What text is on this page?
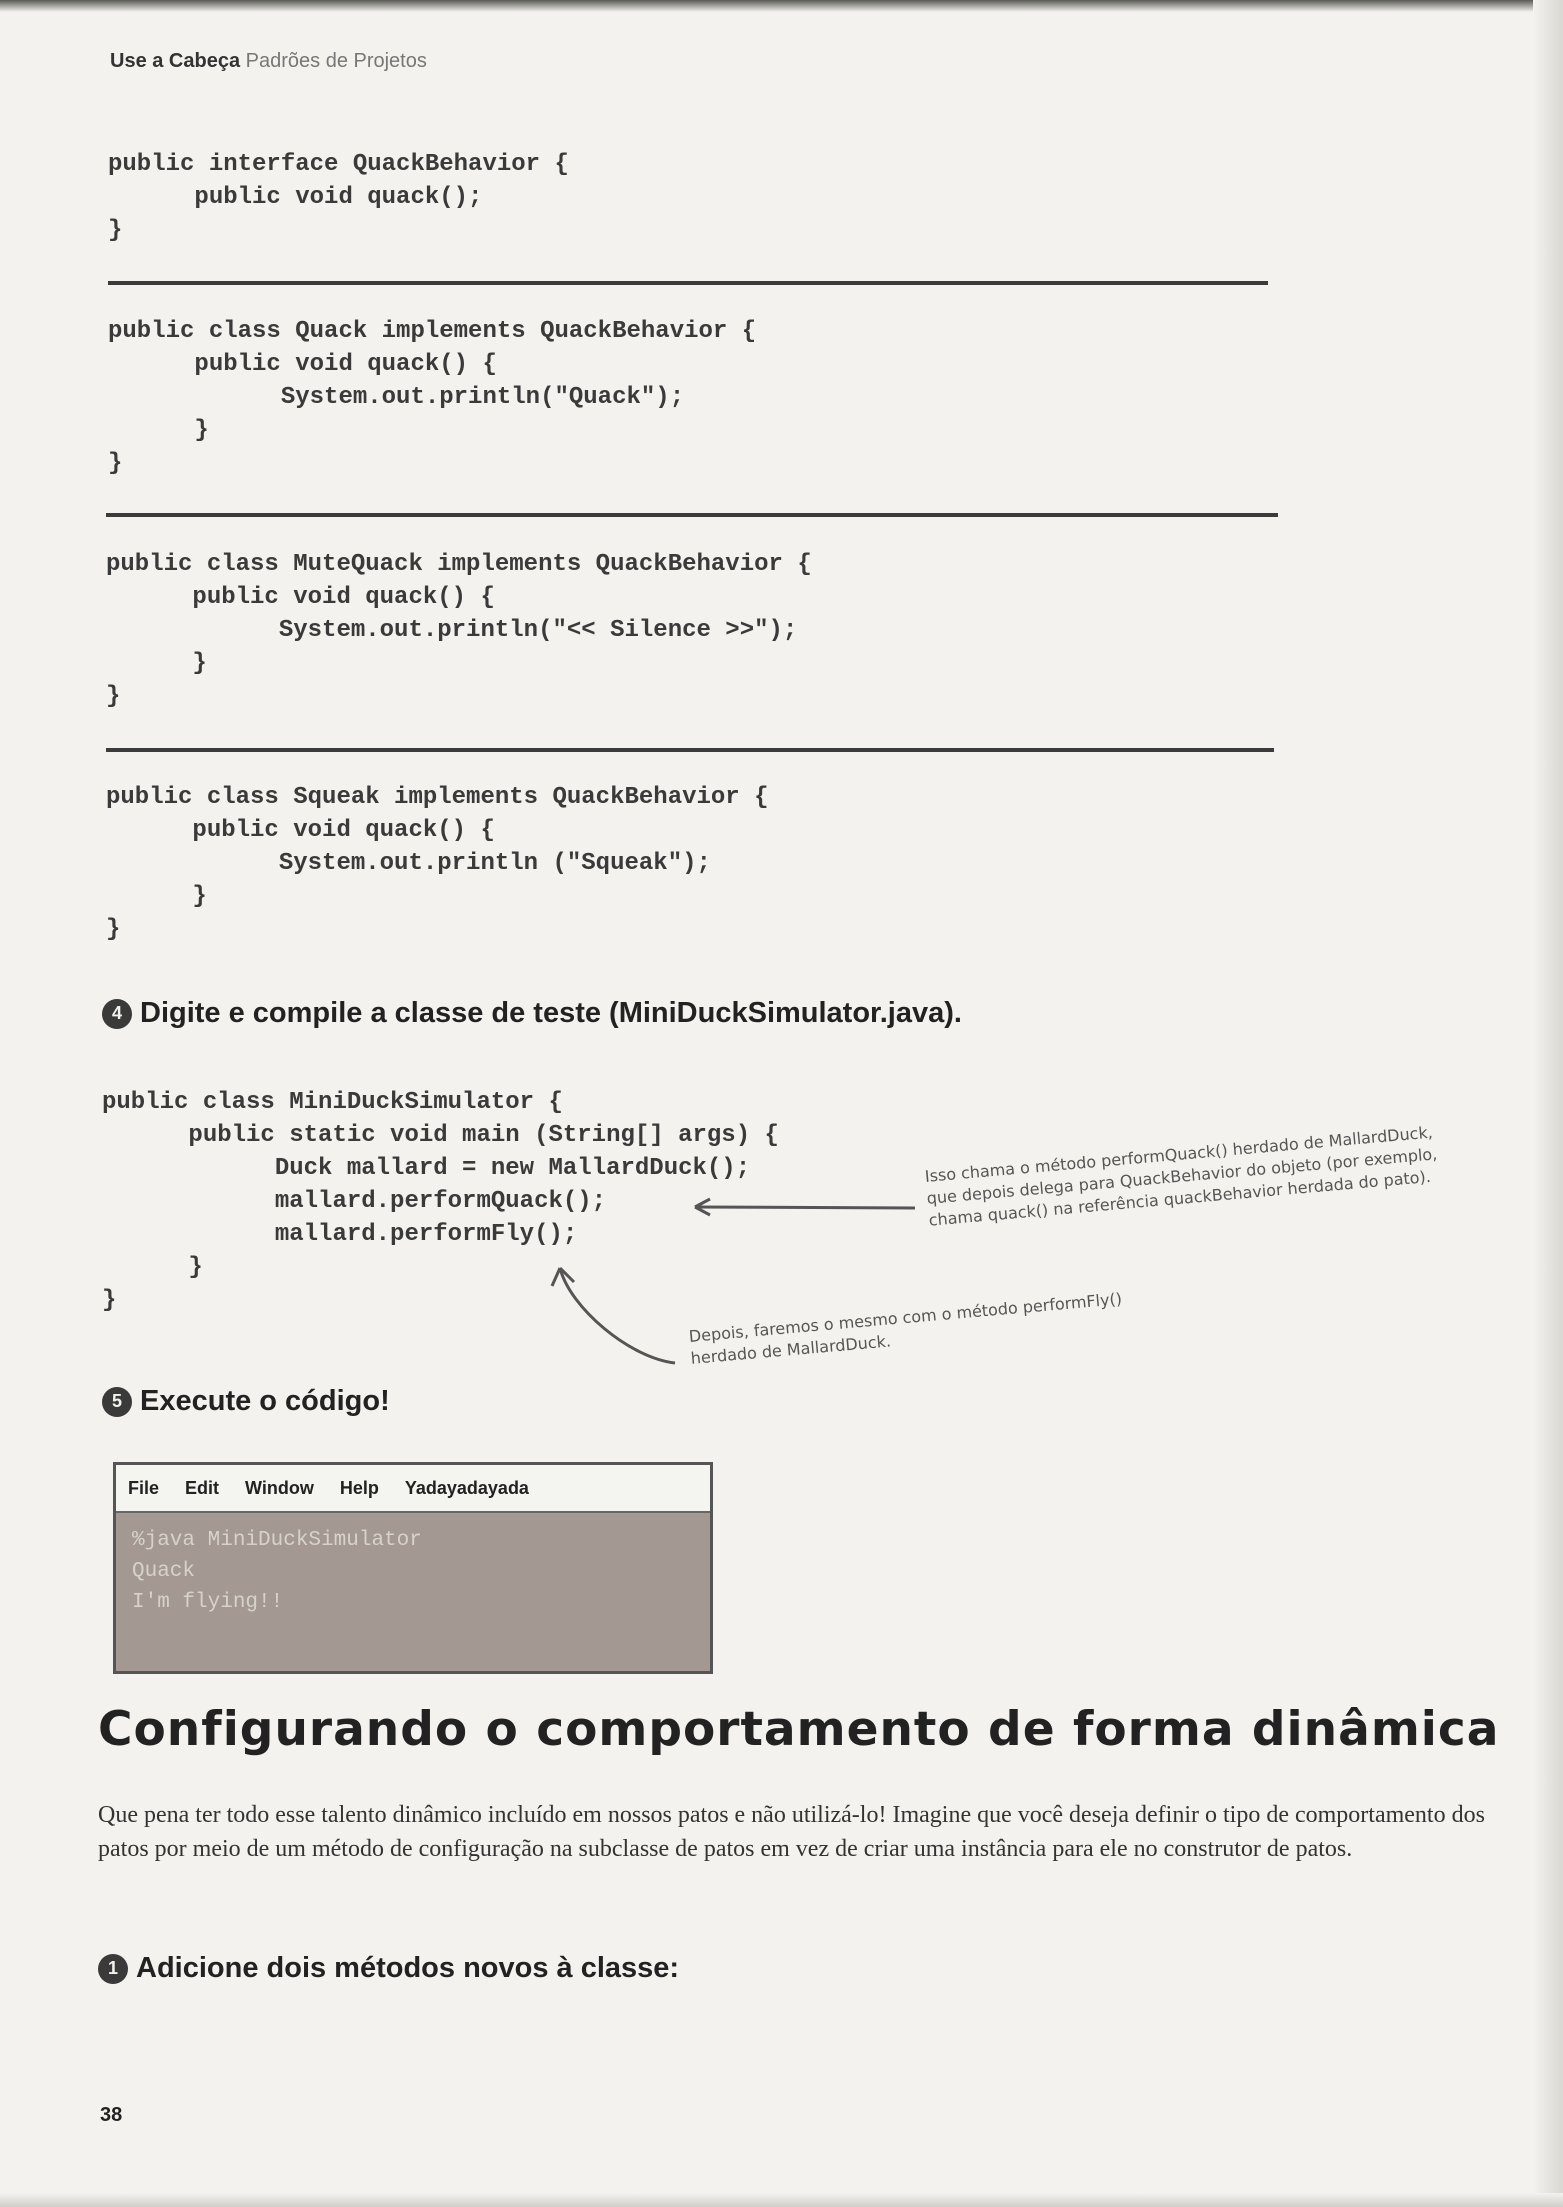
Use a Cabeça Padrões de Projetos
public interface QuackBehavior {
public void quack();
}
public class Quack implements QuackBehavior {
public void quack() {
System.out.println("Quack");
}
}
public class MuteQuack implements QuackBehavior {
public void quack() {
System.out.println("<< Silence >>");
}
}
public class Squeak implements QuackBehavior {
public void quack() {
System.out.println ("Squeak");
}
}
4 Digite e compile a classe de teste (MiniDuckSimulator.java).
public class MiniDuckSimulator {
public static void main (String[] args) {
Duck mallard = new MallardDuck();
mallard.performQuack();
mallard.performFly();
}
}
Isso chama o método performQuack() herdado de MallardDuck, que depois delega para QuackBehavior do objeto (por exemplo, chama quack() na referência quackBehavior herdada do pato).
Depois, faremos o mesmo com o método performFly() herdado de MallardDuck.
5 Execute o código!
File Edit Window Help Yadayadayada
%java MiniDuckSimulator
Quack
I'm flying!!
Configurando o comportamento de forma dinâmica
Que pena ter todo esse talento dinâmico incluído em nossos patos e não utilizá-lo! Imagine que você deseja definir o tipo de comportamento dos patos por meio de um método de configuração na subclasse de patos em vez de criar uma instância para ele no construtor de patos.
1 Adicione dois métodos novos à classe:
38
